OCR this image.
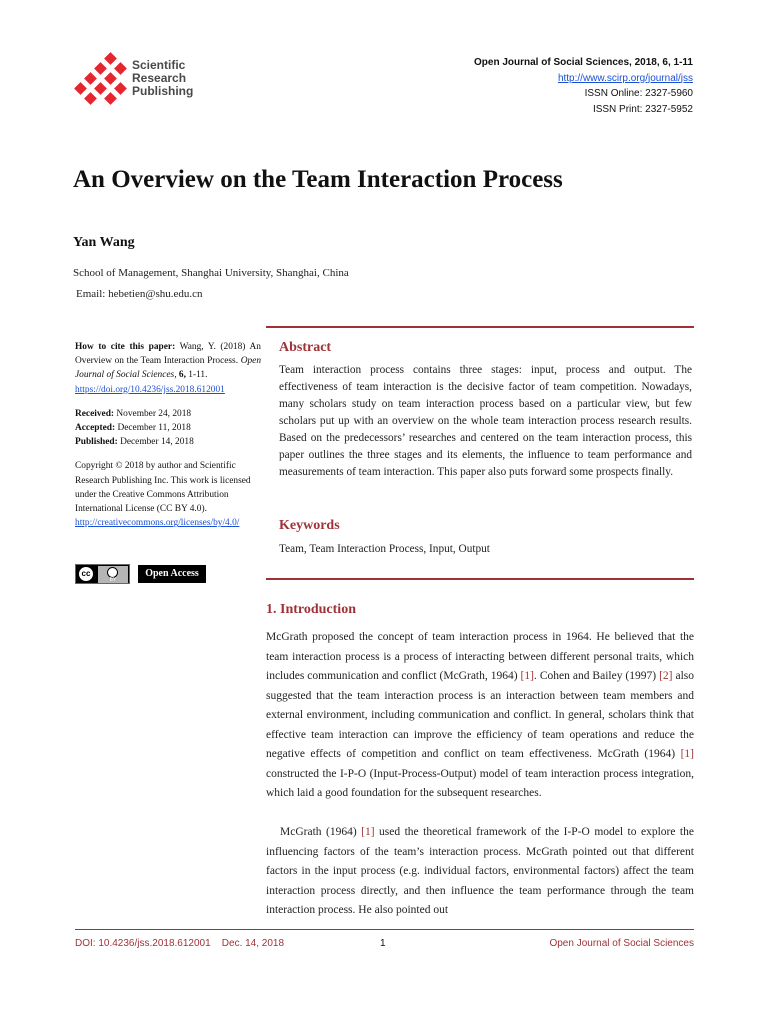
Scientific
Research
Publishing
Open Journal of Social Sciences, 2018, 6, 1-11
http://www.scirp.org/journal/jss
ISSN Online: 2327-5960
ISSN Print: 2327-5952
An Overview on the Team Interaction Process
Yan Wang
School of Management, Shanghai University, Shanghai, China
Email: hebetien@shu.edu.cn

How to cite this paper: Wang, Y. (2018) An Overview on the Team Interaction Process. Open Journal of Social Sciences, 6, 1-11.

https://doi.org/10.4236/jss.2018.612001

Received: November 24, 2018

Accepted: December 11, 2018

Published: December 14, 2018

Copyright © 2018 by author and Scientific Research Publishing Inc. This work is licensed under the Creative Commons Attribution International License (CC BY 4.0).

http://creativecommons.org/licenses/by/4.0/

cc
BY
Open Access
Abstract

Team interaction process contains three stages: input, process and output. The effectiveness of team interaction is the decisive factor of team competition. Nowadays, many scholars study on team interaction process based on a particular view, but few scholars put up with an overview on the whole team interaction process research results. Based on the predecessors’ researches and centered on the team interaction process, this paper outlines the three stages and its elements, the influence to team performance and measurements of team interaction. This paper also puts forward some prospects finally.

Keywords
Team, Team Interaction Process, Input, Output
1. Introduction

McGrath proposed the concept of team interaction process in 1964. He believed that the team interaction process is a process of interacting between different personal traits, which includes communication and conflict (McGrath, 1964) [1]. Cohen and Bailey (1997) [2] also suggested that the team interaction process is an interaction between team members and external environment, including communication and conflict. In general, scholars think that effective team interaction can improve the efficiency of team operations and reduce the negative effects of competition and conflict on team effectiveness. McGrath (1964) [1] constructed the I-P-O (Input-Process-Output) model of team interaction process integration, which laid a good foundation for the subsequent researches.

McGrath (1964) [1] used the theoretical framework of the I-P-O model to explore the influencing factors of the team’s interaction process. McGrath pointed out that different factors in the input process (e.g. individual factors, environmental factors) affect the team interaction process directly, and then influence the team performance through the team interaction process. He also pointed out

DOI: 10.4236/jss.2018.612001 Dec. 14, 2018	1	Open Journal of Social Sciences
